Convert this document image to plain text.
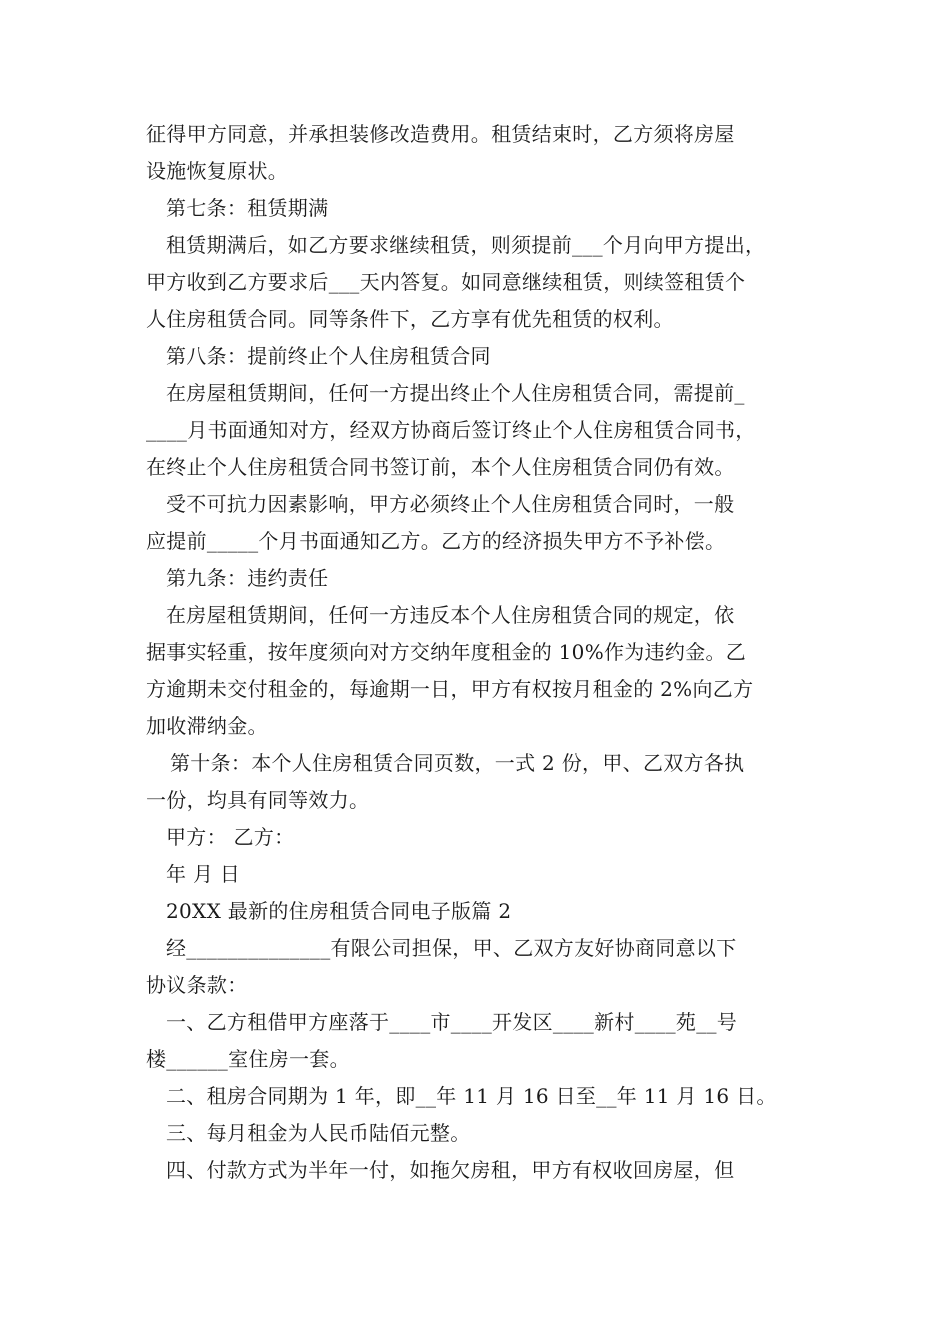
征得甲方同意，并承担装修改造费用。租赁结束时，乙方须将房屋
设施恢复原状。
第七条：租赁期满
租赁期满后，如乙方要求继续租赁，则须提前___个月向甲方提出，
甲方收到乙方要求后___天内答复。如同意继续租赁，则续签租赁个
人住房租赁合同。同等条件下，乙方享有优先租赁的权利。
第八条：提前终止个人住房租赁合同
在房屋租赁期间，任何一方提出终止个人住房租赁合同，需提前_
____月书面通知对方，经双方协商后签订终止个人住房租赁合同书，
在终止个人住房租赁合同书签订前，本个人住房租赁合同仍有效。
受不可抗力因素影响，甲方必须终止个人住房租赁合同时，一般
应提前_____个月书面通知乙方。乙方的经济损失甲方不予补偿。
第九条：违约责任
在房屋租赁期间，任何一方违反本个人住房租赁合同的规定，依
据事实轻重，按年度须向对方交纳年度租金的 10%作为违约金。乙
方逾期未交付租金的，每逾期一日，甲方有权按月租金的 2%向乙方
加收滞纳金。
第十条：本个人住房租赁合同页数，一式 2 份，甲、乙双方各执
一份，均具有同等效力。
甲方： 乙方：
年 月 日
20XX 最新的住房租赁合同电子版篇 2
经______________有限公司担保，甲、乙双方友好协商同意以下
协议条款：
一、乙方租借甲方座落于____市____开发区____新村____苑__号
楼______室住房一套。
二、租房合同期为 1 年，即__年 11 月 16 日至__年 11 月 16 日。
三、每月租金为人民币陆佰元整。
四、付款方式为半年一付，如拖欠房租，甲方有权收回房屋，但
